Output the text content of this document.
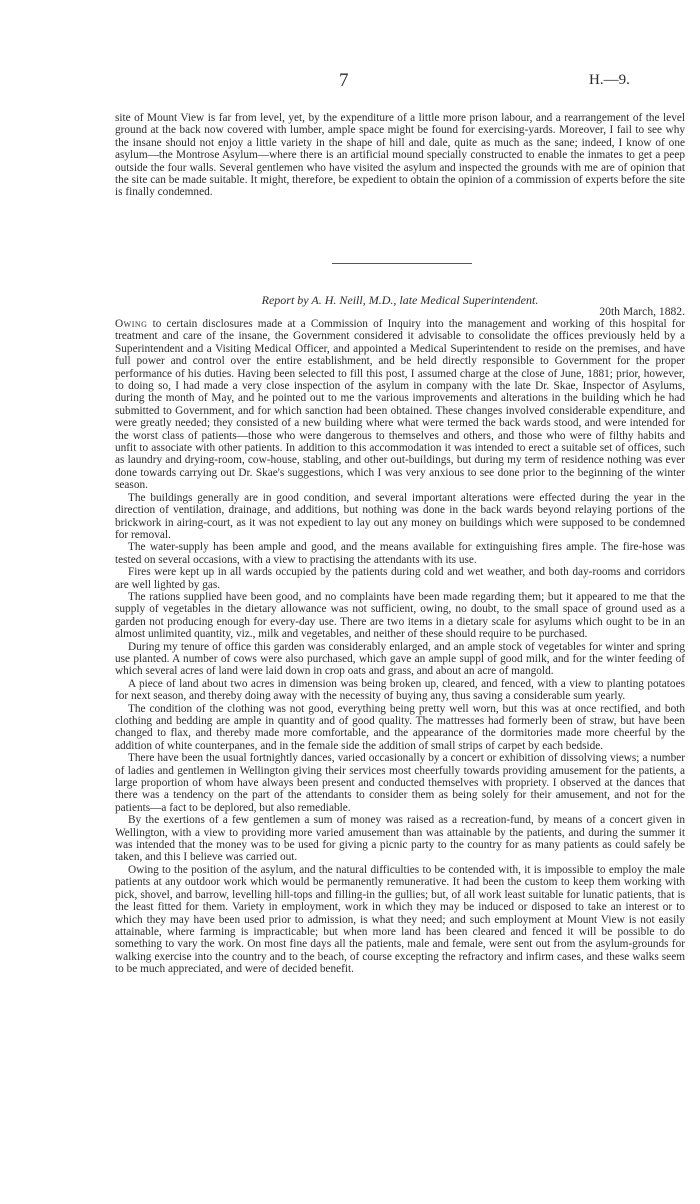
7	H.—9.

site of Mount View is far from level, yet, by the expenditure of a little more prison labour, and a rearrangement of the level ground at the back now covered with lumber, ample space might be found for exercising-yards. Moreover, I fail to see why the insane should not enjoy a little variety in the shape of hill and dale, quite as much as the sane; indeed, I know of one asylum—the Montrose Asylum—where there is an artificial mound specially constructed to enable the inmates to get a peep outside the four walls. Several gentlemen who have visited the asylum and inspected the grounds with me are of opinion that the site can be made suitable. It might, therefore, be expedient to obtain the opinion of a commission of experts before the site is finally condemned.

Report by A. H. Neill, M.D., late Medical Superintendent.
20th March, 1882.

Owing to certain disclosures made at a Commission of Inquiry into the management and working of this hospital for treatment and care of the insane, the Government considered it advisable to consolidate the offices previously held by a Superintendent and a Visiting Medical Officer, and appointed a Medical Superintendent to reside on the premises, and have full power and control over the entire establishment, and be held directly responsible to Government for the proper performance of his duties. Having been selected to fill this post, I assumed charge at the close of June, 1881; prior, however, to doing so, I had made a very close inspection of the asylum in company with the late Dr. Skae, Inspector of Asylums, during the month of May, and he pointed out to me the various improvements and alterations in the building which he had submitted to Government, and for which sanction had been obtained. These changes involved considerable expenditure, and were greatly needed; they consisted of a new building where what were termed the back wards stood, and were intended for the worst class of patients—those who were dangerous to themselves and others, and those who were of filthy habits and unfit to associate with other patients. In addition to this accommodation it was intended to erect a suitable set of offices, such as laundry and drying-room, cow-house, stabling, and other out-buildings, but during my term of residence nothing was ever done towards carrying out Dr. Skae's suggestions, which I was very anxious to see done prior to the beginning of the winter season.

The buildings generally are in good condition, and several important alterations were effected during the year in the direction of ventilation, drainage, and additions, but nothing was done in the back wards beyond relaying portions of the brickwork in airing-court, as it was not expedient to lay out any money on buildings which were supposed to be condemned for removal.

The water-supply has been ample and good, and the means available for extinguishing fires ample. The fire-hose was tested on several occasions, with a view to practising the attendants with its use.

Fires were kept up in all wards occupied by the patients during cold and wet weather, and both day-rooms and corridors are well lighted by gas.

The rations supplied have been good, and no complaints have been made regarding them; but it appeared to me that the supply of vegetables in the dietary allowance was not sufficient, owing, no doubt, to the small space of ground used as a garden not producing enough for every-day use. There are two items in a dietary scale for asylums which ought to be in an almost unlimited quantity, viz., milk and vegetables, and neither of these should require to be purchased.

During my tenure of office this garden was considerably enlarged, and an ample stock of vegetables for winter and spring use planted. A number of cows were also purchased, which gave an ample suppl of good milk, and for the winter feeding of which several acres of land were laid down in crop oats and grass, and about an acre of mangold.

A piece of land about two acres in dimension was being broken up, cleared, and fenced, with a view to planting potatoes for next season, and thereby doing away with the necessity of buying any, thus saving a considerable sum yearly.

The condition of the clothing was not good, everything being pretty well worn, but this was at once rectified, and both clothing and bedding are ample in quantity and of good quality. The mattresses had formerly been of straw, but have been changed to flax, and thereby made more comfortable, and the appearance of the dormitories made more cheerful by the addition of white counterpanes, and in the female side the addition of small strips of carpet by each bedside.

There have been the usual fortnightly dances, varied occasionally by a concert or exhibition of dissolving views; a number of ladies and gentlemen in Wellington giving their services most cheerfully towards providing amusement for the patients, a large proportion of whom have always been present and conducted themselves with propriety. I observed at the dances that there was a tendency on the part of the attendants to consider them as being solely for their amusement, and not for the patients—a fact to be deplored, but also remediable.

By the exertions of a few gentlemen a sum of money was raised as a recreation-fund, by means of a concert given in Wellington, with a view to providing more varied amusement than was attainable by the patients, and during the summer it was intended that the money was to be used for giving a picnic party to the country for as many patients as could safely be taken, and this I believe was carried out.

Owing to the position of the asylum, and the natural difficulties to be contended with, it is impossible to employ the male patients at any outdoor work which would be permanently remunerative. It had been the custom to keep them working with pick, shovel, and barrow, levelling hill-tops and filling-in the gullies; but, of all work least suitable for lunatic patients, that is the least fitted for them. Variety in employment, work in which they may be induced or disposed to take an interest or to which they may have been used prior to admission, is what they need; and such employment at Mount View is not easily attainable, where farming is impracticable; but when more land has been cleared and fenced it will be possible to do something to vary the work. On most fine days all the patients, male and female, were sent out from the asylum-grounds for walking exercise into the country and to the beach, of course excepting the refractory and infirm cases, and these walks seem to be much appreciated, and were of decided benefit.
